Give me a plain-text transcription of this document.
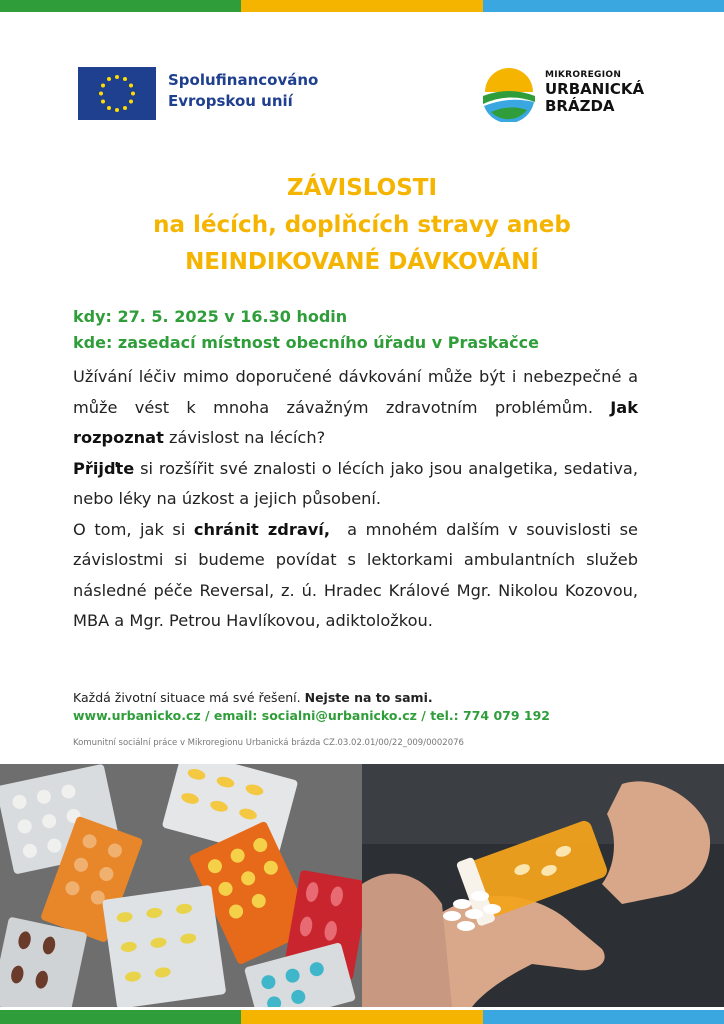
Spolufinancováno
Evropskou unií
MIKROREGION
URBANICKÁ
BRÁZDA
ZÁVISLOSTI
na lécích, doplňcích stravy aneb
NEINDIKOVANÉ DÁVKOVÁNÍ
kdy: 27. 5. 2025 v 16.30 hodin
kde: zasedací místnost obecního úřadu v Praskačce

Užívání léčiv mimo doporučené dávkování může být i nebezpečné a může vést k mnoha závažným zdravotním problémům. Jak rozpoznat závislost na lécích?

Přijďte si rozšířit své znalosti o lécích jako jsou analgetika, sedativa, nebo léky na úzkost a jejich působení.

O tom, jak si chránit zdraví,  a mnohém dalším v souvislosti se závislostmi si budeme povídat s lektorkami ambulantních služeb následné péče Reversal, z. ú. Hradec Králové Mgr. Nikolou Kozovou, MBA a Mgr. Petrou Havlíkovou, adiktoložkou.

Každá životní situace má své řešení. Nejste na to sami.
www.urbanicko.cz / email: socialni@urbanicko.cz / tel.: 774 079 192
Komunitní sociální práce v Mikroregionu Urbanická brázda CZ.03.02.01/00/22_009/0002076
